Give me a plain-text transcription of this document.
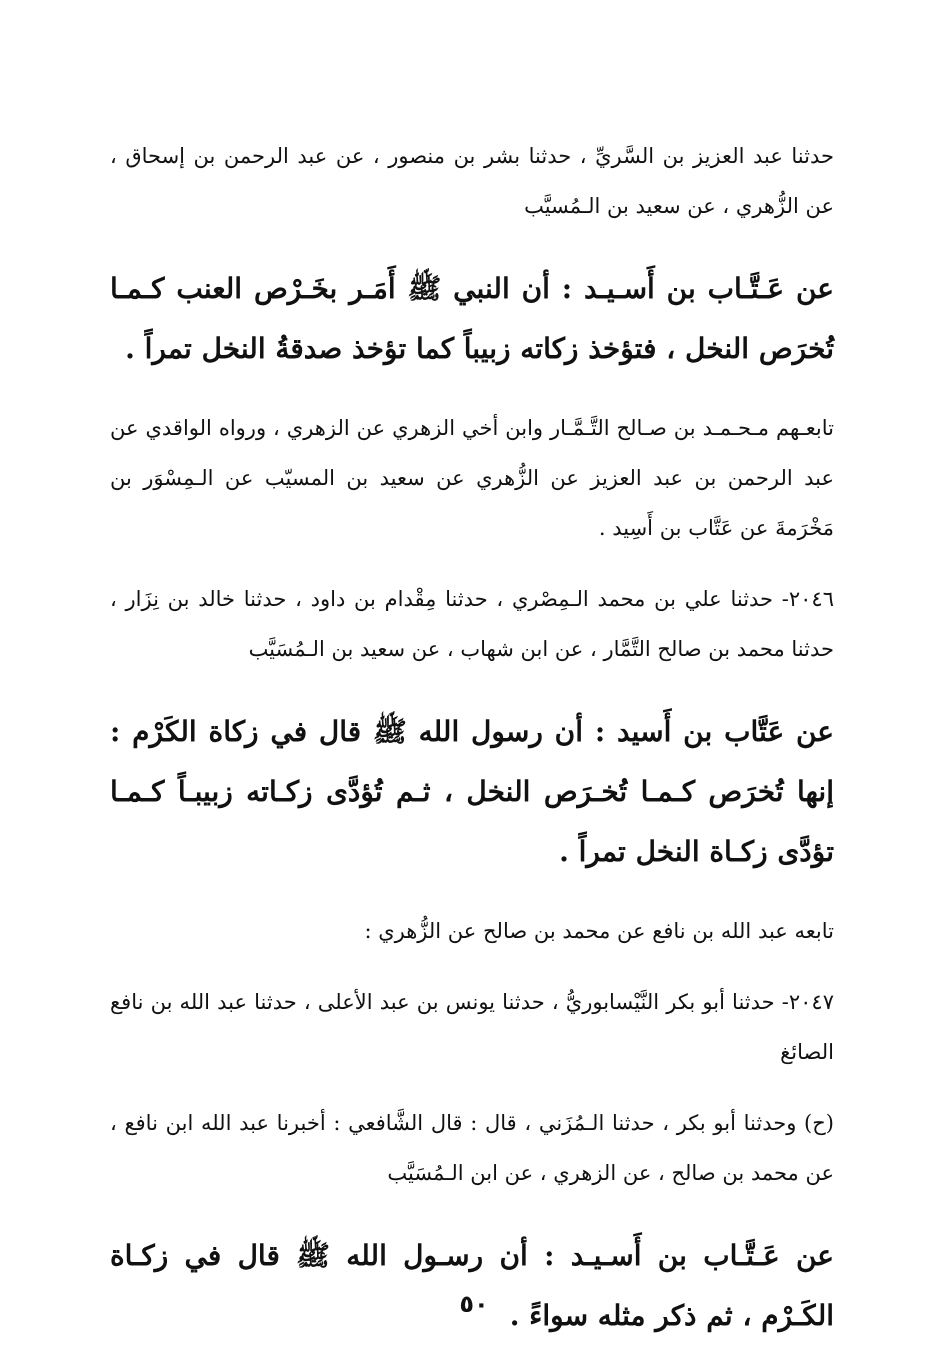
حدثنا عبد العزيز بن السَّريِّ ، حدثنا بشر بن منصور ، عن عبد الرحمن بن إسحاق ، عن الزُّهري ، عن سعيد بن الـمُسيَّب

عن عَـتَّـاب بن أَسـيـد : أن النبي ﷺ أَمَـر بخَـرْص العنب كـمـا تُخرَص النخل ، فتؤخذ زكاته زبيباً كما تؤخذ صدقةُ النخل تمراً .

تابعـهم مـحـمـد بن صـالح التَّـمَّـار وابن أخي الزهري عن الزهري ، ورواه الواقدي عن عبد الرحمن بن عبد العزيز عن الزُّهري عن سعيد بن المسيّب عن الـمِسْوَر بن مَخْرَمةَ عن عَتَّاب بن أَسِيد .

٢٠٤٦- حدثنا علي بن محمد الـمِصْري ، حدثنا مِقْدام بن داود ، حدثنا خالد بن نِزَار ، حدثنا محمد بن صالح التَّمَّار ، عن ابن شهاب ، عن سعيد بن الـمُسَيَّب

عن عَتَّاب بن أَسيد : أن رسول الله ﷺ قال في زكاة الكَرْم : إنها تُخرَص كـمـا تُخـرَص النخل ، ثـم تُؤدَّى زكـاته زبيبـاً كـمـا تؤدَّى زكـاة النخل تمراً .

تابعه عبد الله بن نافع عن محمد بن صالح عن الزُّهري :

٢٠٤٧- حدثنا أبو بكر النَّيْسابوريُّ ، حدثنا يونس بن عبد الأعلى ، حدثنا عبد الله بن نافع الصائغ

(ح) وحدثنا أبو بكر ، حدثنا الـمُزَني ، قال : قال الشَّافعي : أخبرنا عبد الله ابن نافع ، عن محمد بن صالح ، عن الزهري ، عن ابن الـمُسَيَّب

عن عَـتَّـاب بن أَسـيـد : أن رسـول الله ﷺ قال في زكـاة الكَـرْم ، ثم ذكر مثله سواءً .

٥٠
